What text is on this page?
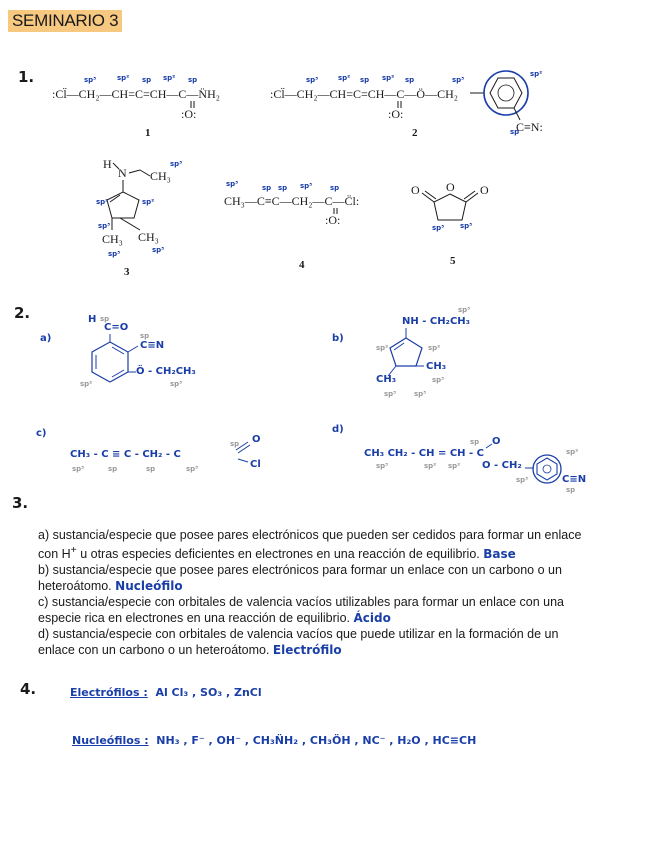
SEMINARIO 3
1.	sp³	sp² sp sp² sp
:Cl̈—CH₂—CH=C=CH—C—N̈H₂
:O:
1
sp³	sp² sp sp² sp	sp³
sp²
sp
:Cl̈—CH₂—CH=C=CH—C—Ö—CH₂
C≡N:
:O:
2
H
N CH₃
sp³
sp²	sp²
sp³
CH₃ CH₃
sp³	sp³
3
sp³	sp sp sp³	sp
CH₃—C≡C—CH₂—C—C̈l:
:O:
4
O O O
sp³ sp³
5
2.
a)
H sp
C=O
sp
C≡N
Ö - CH₂CH₃
sp²	sp³
b)
sp³
NH - CH₂CH₃
sp²	sp²
CH₃
CH₃	sp³
sp³	sp³
c)
CH₃ - C ≡ C - CH₂ - C
O
Cl
sp³	sp	sp	sp³
sp
d)
CH₃ CH₂ - CH = CH - C
O
O - CH₂
C≡N
sp³	sp² sp²
sp
sp³
sp²
sp
3.
a) sustancia/especie que posee pares electrónicos que pueden ser cedidos para formar un enlace con H+ u otras especies deficientes en electrones en una reacción de equilibrio. Base
b) sustancia/especie que posee pares electrónicos para formar un enlace con un carbono o un heteroátomo. Nucleófilo
c) sustancia/especie con orbitales de valencia vacíos utilizables para formar un enlace con una especie rica en electrones en una reacción de equilibrio. Ácido
d) sustancia/especie con orbitales de valencia vacíos que puede utilizar en la formación de un enlace con un carbono o un heteroátomo. Electrófilo
4.	Electrófilos : Al Cl₃ , SO₃ , ZnCl
Nucleófilos : NH₃ , F⁻ , OH⁻ , CH₃N̈H₂ , CH₃ÖH , NC⁻ , H₂O , HC≡CH
